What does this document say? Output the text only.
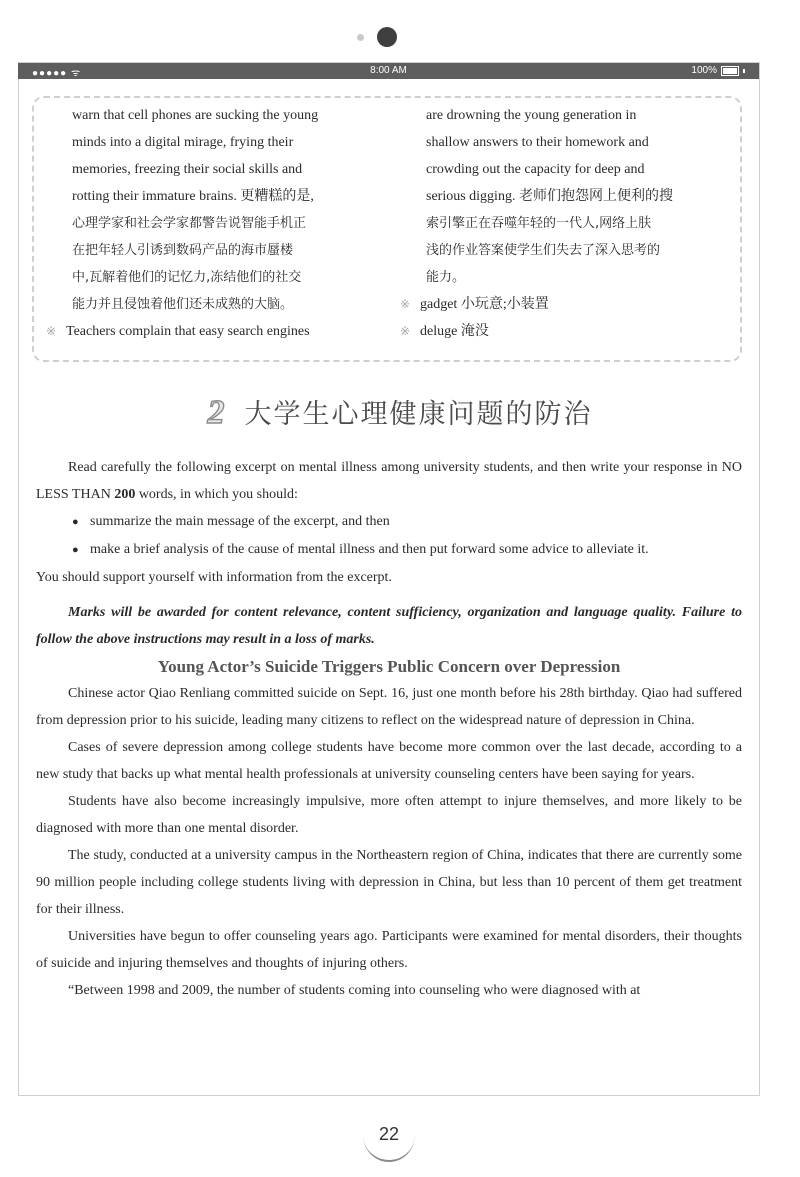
●●●●● ᯤ	8:00 AM	100%

warn that cell phones are sucking the young

minds into a digital mirage, frying their

memories, freezing their social skills and

rotting their immature brains. 更糟糕的是,

心理学家和社会学家都警告说智能手机正

在把年轻人引诱到数码产品的海市蜃楼

中,瓦解着他们的记忆力,冻结他们的社交

能力并且侵蚀着他们还未成熟的大脑。

※ Teachers complain that easy search engines

are drowning the young generation in

shallow answers to their homework and

crowding out the capacity for deep and

serious digging. 老师们抱怨网上便利的搜

索引擎正在吞噬年轻的一代人,网络上肤

浅的作业答案使学生们失去了深入思考的

能力。

※ gadget 小玩意;小装置

※ deluge 淹没

2 大学生心理健康问题的防治

Read carefully the following excerpt on mental illness among university students, and then write your response in NO LESS THAN 200 words, in which you should:

● summarize the main message of the excerpt, and then

● make a brief analysis of the cause of mental illness and then put forward some advice to alleviate it.

You should support yourself with information from the excerpt.

Marks will be awarded for content relevance, content sufficiency, organization and language quality. Failure to follow the above instructions may result in a loss of marks.

Young Actor’s Suicide Triggers Public Concern over Depression

Chinese actor Qiao Renliang committed suicide on Sept. 16, just one month before his 28th birthday. Qiao had suffered from depression prior to his suicide, leading many citizens to reflect on the widespread nature of depression in China.

Cases of severe depression among college students have become more common over the last decade, according to a new study that backs up what mental health professionals at university counseling centers have been saying for years.

Students have also become increasingly impulsive, more often attempt to injure themselves, and more likely to be diagnosed with more than one mental disorder.

The study, conducted at a university campus in the Northeastern region of China, indicates that there are currently some 90 million people including college students living with depression in China, but less than 10 percent of them get treatment for their illness.

Universities have begun to offer counseling years ago. Participants were examined for mental disorders, their thoughts of suicide and injuring themselves and thoughts of injuring others.

“Between 1998 and 2009, the number of students coming into counseling who were diagnosed with at

22
